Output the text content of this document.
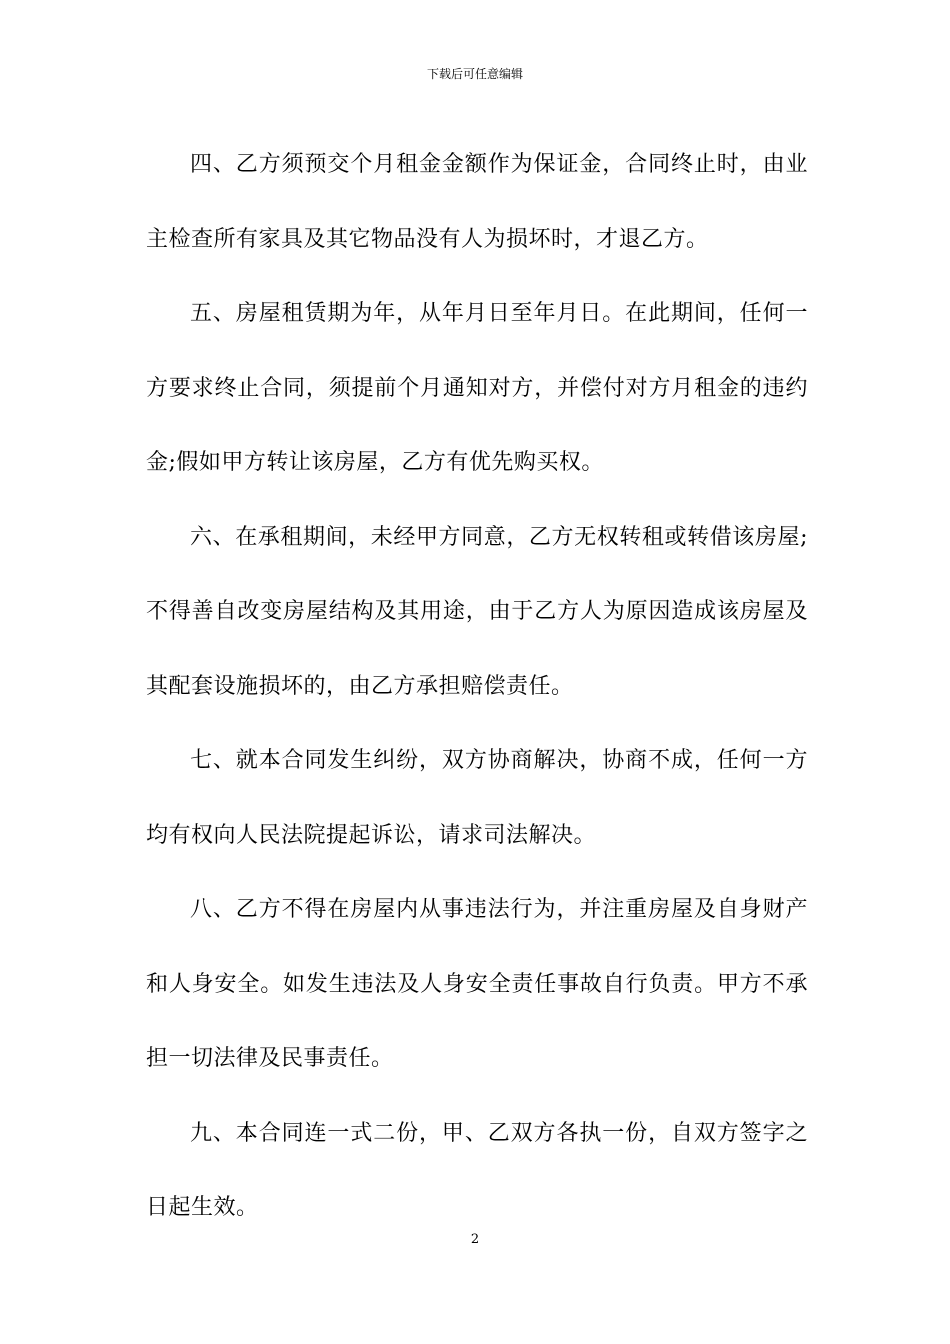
下载后可任意编辑

四、乙方须预交个月租金金额作为保证金，合同终止时，由业主检查所有家具及其它物品没有人为损坏时，才退乙方。

五、房屋租赁期为年，从年月日至年月日。在此期间，任何一方要求终止合同，须提前个月通知对方，并偿付对方月租金的违约金;假如甲方转让该房屋，乙方有优先购买权。

六、在承租期间，未经甲方同意，乙方无权转租或转借该房屋;不得善自改变房屋结构及其用途，由于乙方人为原因造成该房屋及其配套设施损坏的，由乙方承担赔偿责任。

七、就本合同发生纠纷，双方协商解决，协商不成，任何一方均有权向人民法院提起诉讼，请求司法解决。

八、乙方不得在房屋内从事违法行为，并注重房屋及自身财产和人身安全。如发生违法及人身安全责任事故自行负责。甲方不承担一切法律及民事责任。

九、本合同连一式二份，甲、乙双方各执一份，自双方签字之日起生效。

2
